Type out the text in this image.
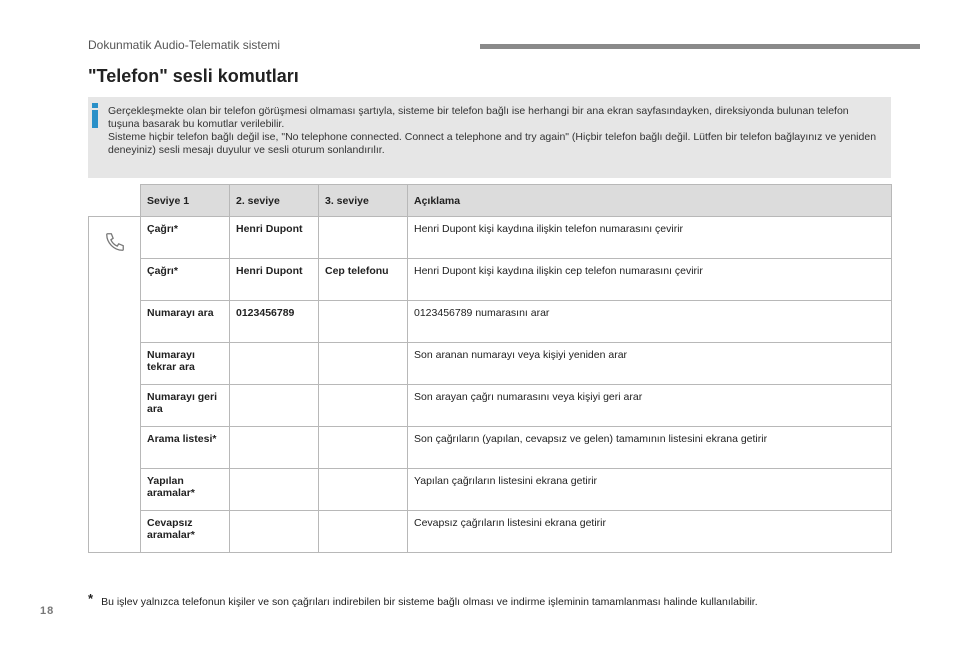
Dokunmatik Audio-Telematik sistemi
"Telefon" sesli komutları

Gerçekleşmekte olan bir telefon görüşmesi olmaması şartıyla, sisteme bir telefon bağlı ise herhangi bir ana ekran sayfasındayken, direksiyonda bulunan telefon tuşuna basarak bu komutlar verilebilir.

Sisteme hiçbir telefon bağlı değil ise, "No telephone connected. Connect a telephone and try again" (Hiçbir telefon bağlı değil. Lütfen bir telefon bağlayınız ve yeniden deneyiniz) sesli mesajı duyulur ve sesli oturum sonlandırılır.

	Seviye 1	2. seviye	3. seviye	Açıklama
	Çağrı*	Henri Dupont		Henri Dupont kişi kaydına ilişkin telefon numarasını çevirir
	Çağrı*	Henri Dupont	Cep telefonu	Henri Dupont kişi kaydına ilişkin cep telefon numarasını çevirir
	Numarayı ara	0123456789		0123456789 numarasını arar
	Numarayı tekrar ara			Son aranan numarayı veya kişiyi yeniden arar
	Numarayı geri ara			Son arayan çağrı numarasını veya kişiyi geri arar
	Arama listesi*			Son çağrıların (yapılan, cevapsız ve gelen) tamamının listesini ekrana getirir
	Yapılan aramalar*			Yapılan çağrıların listesini ekrana getirir
	Cevapsız aramalar*			Cevapsız çağrıların listesini ekrana getirir
* Bu işlev yalnızca telefonun kişiler ve son çağrıları indirebilen bir sisteme bağlı olması ve indirme işleminin tamamlanması halinde kullanılabilir.
18
